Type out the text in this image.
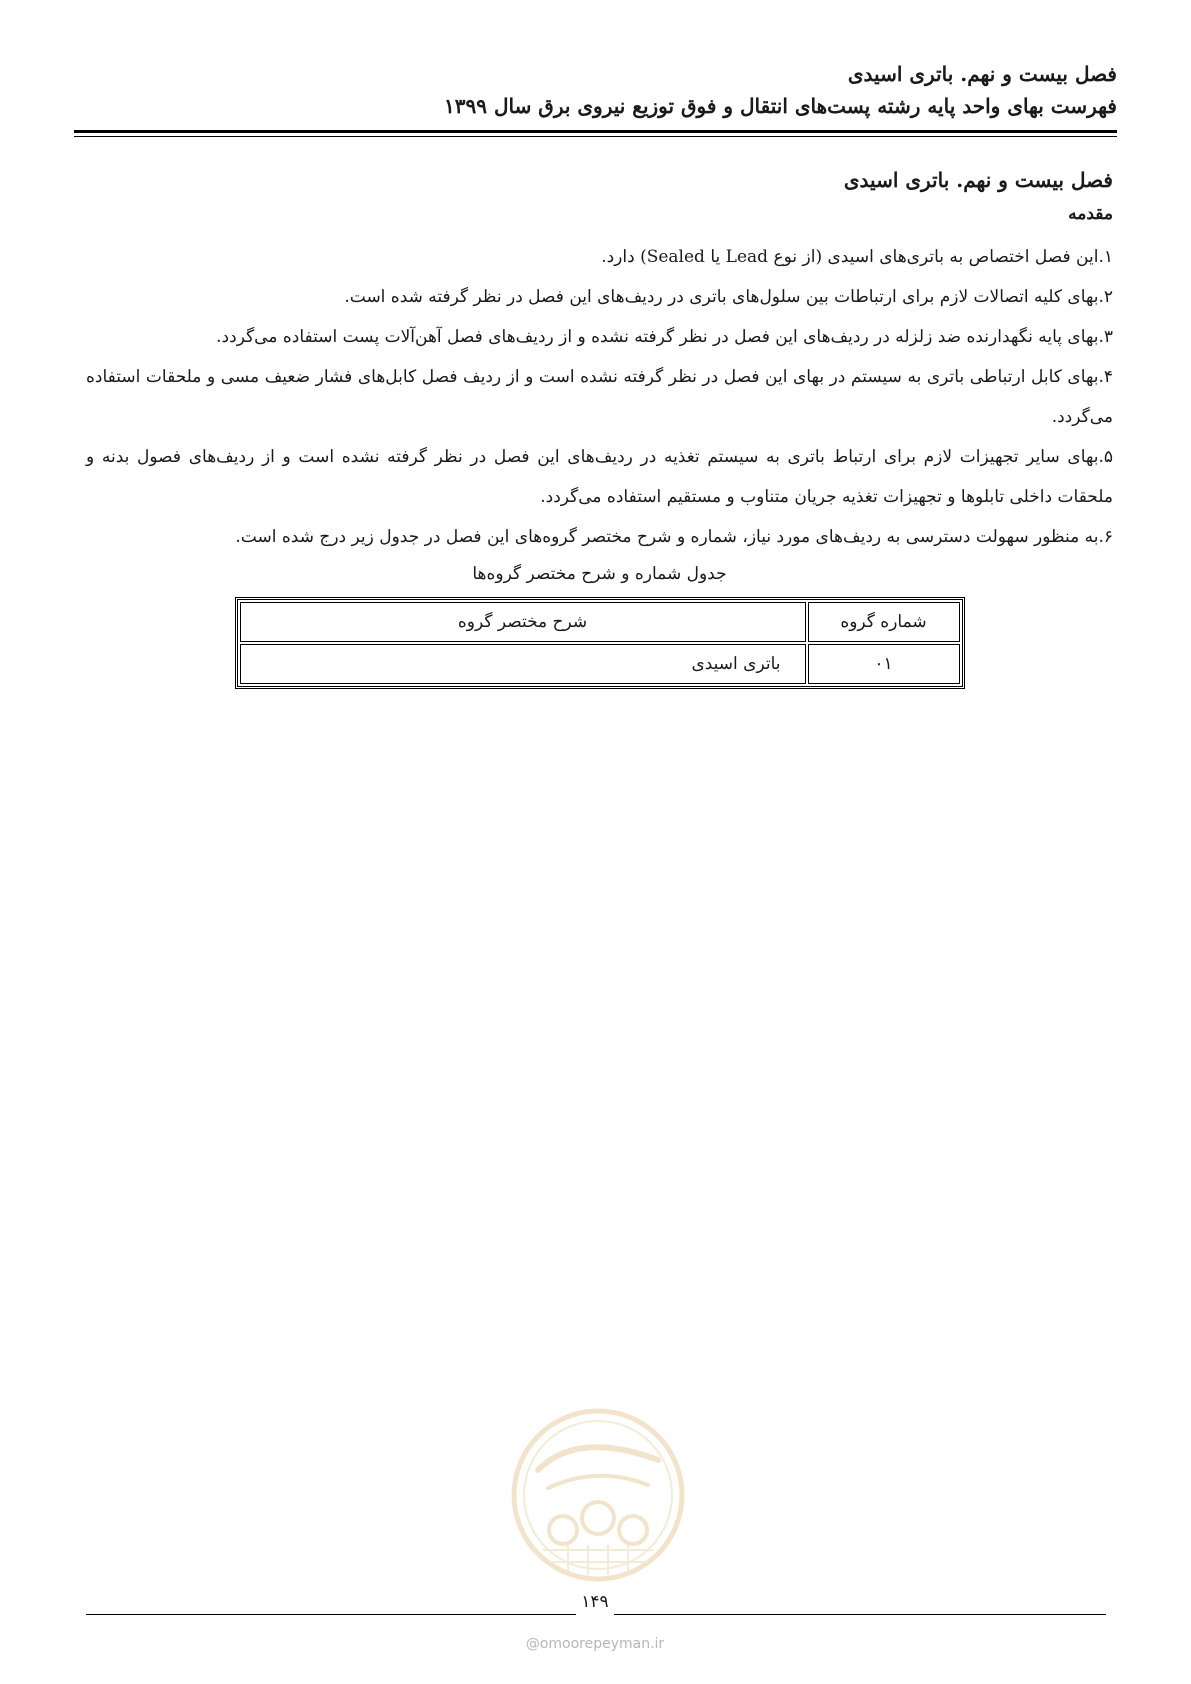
فصل بیست و نهم. باتری اسیدی
فهرست بهای واحد پایه رشته پست‌های انتقال و فوق توزیع نیروی برق سال ۱۳۹۹
فصل بیست و نهم. باتری اسیدی
مقدمه
۱.این فصل اختصاص به باتری‌های اسیدی (از نوع Sealed یا Lead) دارد.
۲.بهای کلیه اتصالات لازم برای ارتباطات بین سلول‌های باتری در ردیف‌های این فصل در نظر گرفته شده است.
۳.بهای پایه نگهدارنده ضد زلزله در ردیف‌های این فصل در نظر گرفته نشده و از ردیف‌های فصل آهن‌آلات پست استفاده می‌گردد.
۴.بهای کابل ارتباطی باتری به سیستم در بهای این فصل در نظر گرفته نشده است و از ردیف فصل کابل‌های فشار ضعیف مسی و ملحقات استفاده می‌گردد.
۵.بهای سایر تجهیزات لازم برای ارتباط باتری به سیستم تغذیه در ردیف‌های این فصل در نظر گرفته نشده است و از ردیف‌های فصول بدنه و ملحقات داخلی تابلوها و تجهیزات تغذیه جریان متناوب و مستقیم استفاده می‌گردد.
۶.به منظور سهولت دسترسی به ردیف‌های مورد نیاز، شماره و شرح مختصر گروه‌های این فصل در جدول زیر درج شده است.
جدول شماره و شرح مختصر گروه‌ها
شماره گروه	شرح مختصر گروه
۰۱	باتری اسیدی
۱۴۹
@omoorepeyman.ir
